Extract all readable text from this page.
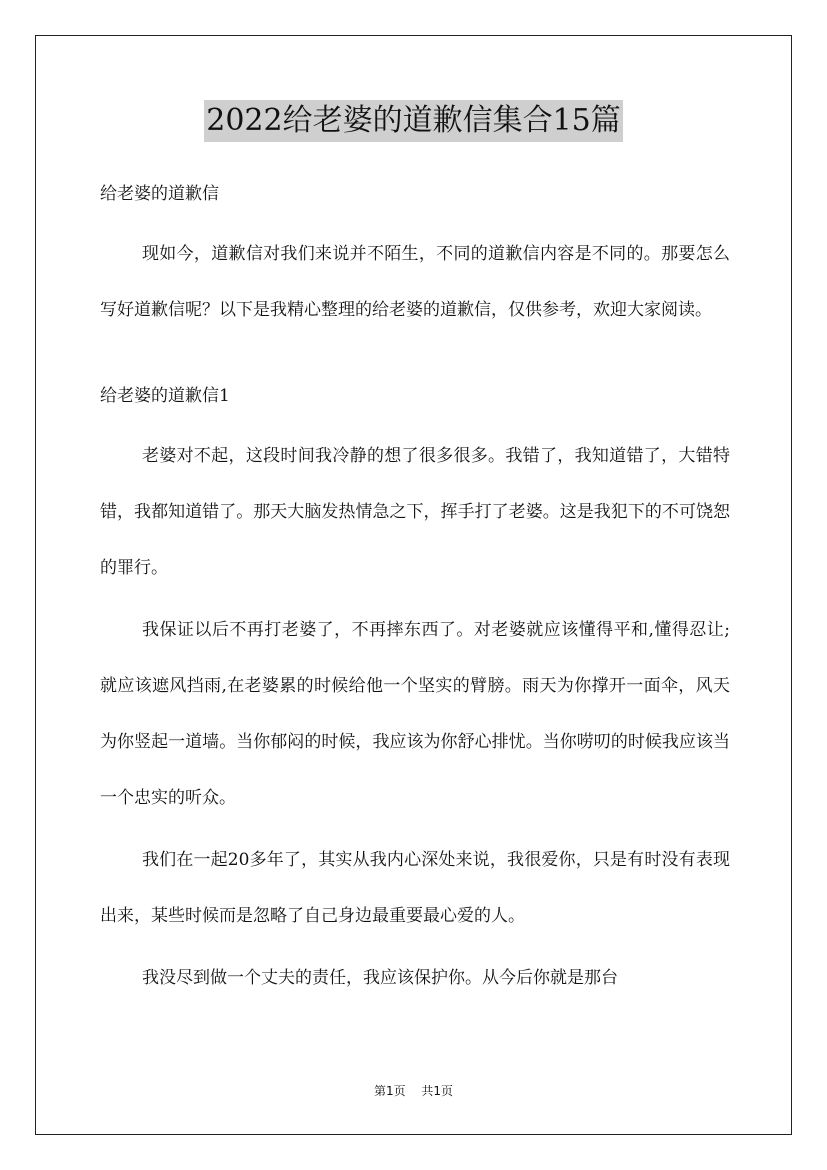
2022给老婆的道歉信集合15篇

给老婆的道歉信

现如今，道歉信对我们来说并不陌生，不同的道歉信内容是不同的。那要怎么写好道歉信呢？以下是我精心整理的给老婆的道歉信，仅供参考，欢迎大家阅读。

给老婆的道歉信1

老婆对不起，这段时间我冷静的想了很多很多。我错了，我知道错了，大错特错，我都知道错了。那天大脑发热情急之下，挥手打了老婆。这是我犯下的不可饶恕的罪行。

我保证以后不再打老婆了，不再摔东西了。对老婆就应该懂得平和,懂得忍让;就应该遮风挡雨,在老婆累的时候给他一个坚实的臂膀。雨天为你撑开一面伞，风天为你竖起一道墙。当你郁闷的时候，我应该为你舒心排忧。当你唠叨的时候我应该当一个忠实的听众。

我们在一起20多年了，其实从我内心深处来说，我很爱你，只是有时没有表现出来，某些时候而是忽略了自己身边最重要最心爱的人。

我没尽到做一个丈夫的责任，我应该保护你。从今后你就是那台

第1页 共1页
